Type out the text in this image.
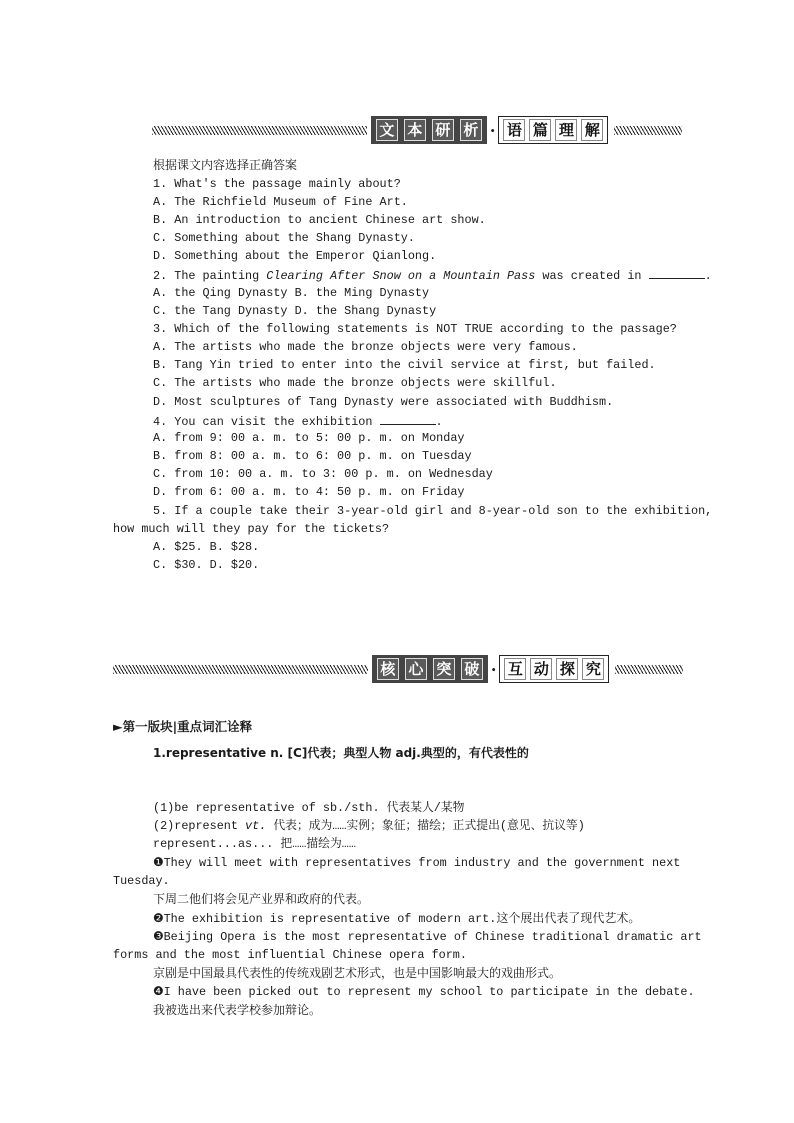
文 本 研 析 · 语 篇 理 解
根据课文内容选择正确答案
1. What's the passage mainly about?
A. The Richfield Museum of Fine Art.
B. An introduction to ancient Chinese art show.
C. Something about the Shang Dynasty.
D. Something about the Emperor Qianlong.
2. The painting Clearing After Snow on a Mountain Pass was created in	.
A. the Qing Dynasty B. the Ming Dynasty
C. the Tang Dynasty D. the Shang Dynasty
3. Which of the following statements is NOT TRUE according to the passage?
A. The artists who made the bronze objects were very famous.
B. Tang Yin tried to enter into the civil service at first, but failed.
C. The artists who made the bronze objects were skillful.
D. Most sculptures of Tang Dynasty were associated with Buddhism.
4. You can visit the exhibition	.
A. from 9: 00 a. m. to 5: 00 p. m. on Monday
B. from 8: 00 a. m. to 6: 00 p. m. on Tuesday
C. from 10: 00 a. m. to 3: 00 p. m. on Wednesday
D. from 6: 00 a. m. to 4: 50 p. m. on Friday
5. If a couple take their 3-year-old girl and 8-year-old son to the exhibition,
how much will they pay for the tickets?
A. $25. B. $28.
C. $30. D. $20.
核 心 突 破 · 互 动 探 究
►第一版块|重点词汇诠释
1.representative n. [C]代表；典型人物 adj.典型的，有代表性的
(1)be representative of sb./sth. 代表某人/某物
(2)represent vt. 代表；成为……实例；象征；描绘；正式提出(意见、抗议等)
represent...as... 把……描绘为……
❶They will meet with representatives from industry and the government next
Tuesday.
下周二他们将会见产业界和政府的代表。
❷The exhibition is representative of modern art.这个展出代表了现代艺术。
❸Beijing Opera is the most representative of Chinese traditional dramatic art
forms and the most influential Chinese opera form.
京剧是中国最具代表性的传统戏剧艺术形式，也是中国影响最大的戏曲形式。
❹I have been picked out to represent my school to participate in the debate.
我被选出来代表学校参加辩论。
